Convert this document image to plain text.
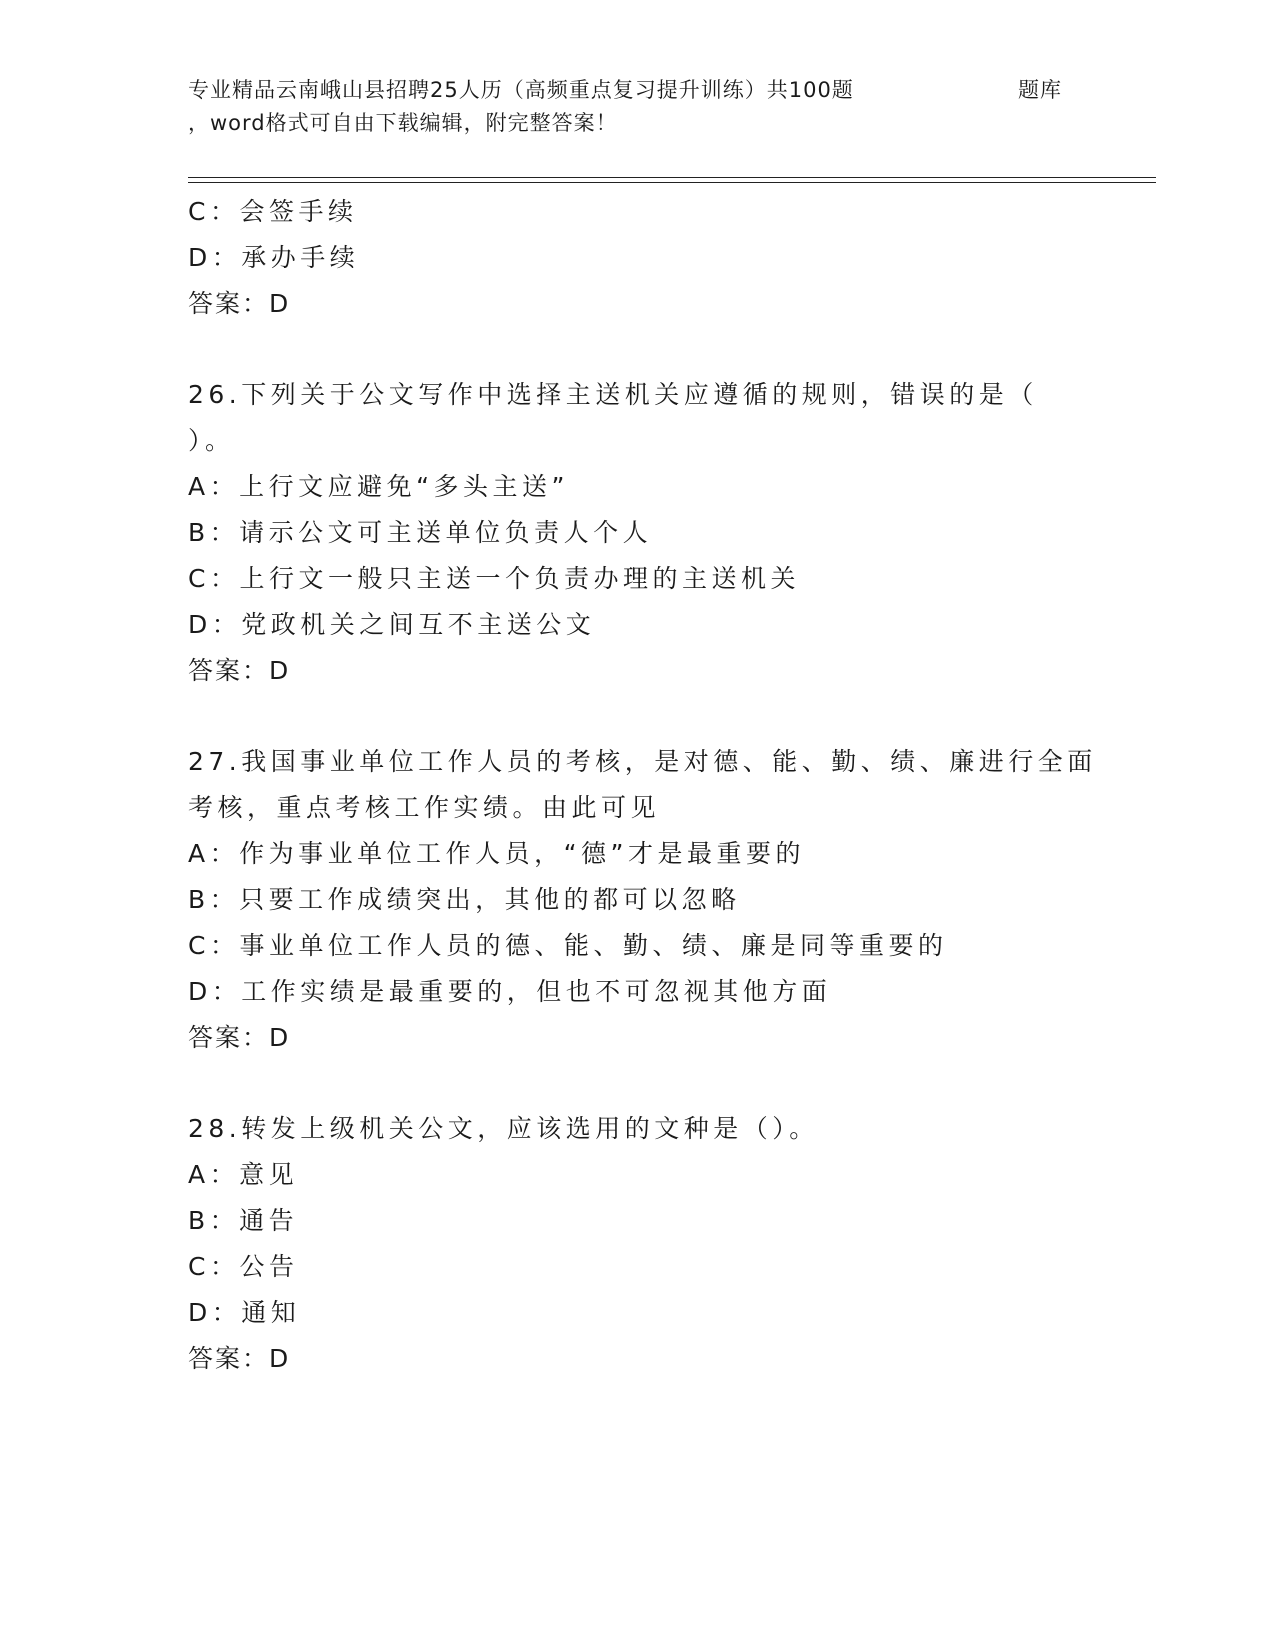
专业精品云南峨山县招聘25人历（高频重点复习提升训练）共100题	题库
，word格式可自由下载编辑，附完整答案！
C：会签手续
D：承办手续
答案：D
26.下列关于公文写作中选择主送机关应遵循的规则，错误的是（
）。
A：上行文应避免“多头主送”
B：请示公文可主送单位负责人个人
C：上行文一般只主送一个负责办理的主送机关
D：党政机关之间互不主送公文
答案：D
27.我国事业单位工作人员的考核，是对德、能、勤、绩、廉进行全面
考核，重点考核工作实绩。由此可见
A：作为事业单位工作人员，“德”才是最重要的
B：只要工作成绩突出，其他的都可以忽略
C：事业单位工作人员的德、能、勤、绩、廉是同等重要的
D：工作实绩是最重要的，但也不可忽视其他方面
答案：D
28.转发上级机关公文，应该选用的文种是（）。
A：意见
B：通告
C：公告
D：通知
答案：D
